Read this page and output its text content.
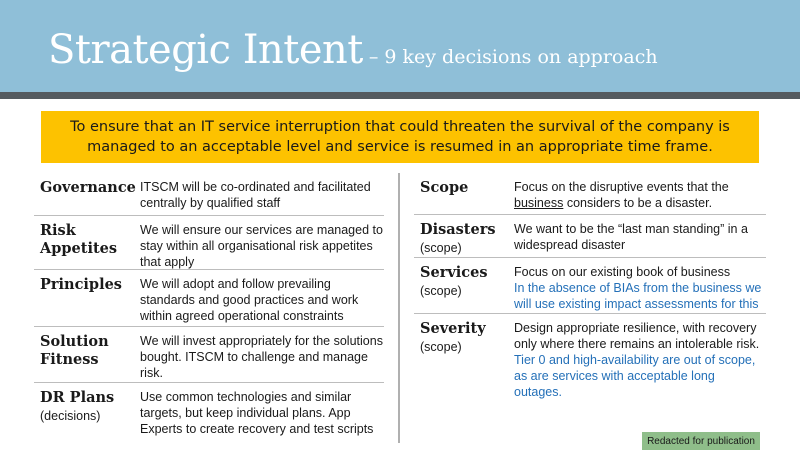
Strategic Intent – 9 key decisions on approach
To ensure that an IT service interruption that could threaten the survival of the company is managed to an acceptable level and service is resumed in an appropriate time frame.
Governance ITSCM will be co-ordinated and facilitated centrally by qualified staff
Risk Appetites
We will ensure our services are managed to stay within all organisational risk appetites that apply
Principles	We will adopt and follow prevailing standards and good practices and work within agreed operational constraints
Solution Fitness
We will invest appropriately for the solutions bought. ITSCM to challenge and manage risk.
DR Plans
(decisions)
Use common technologies and similar targets, but keep individual plans. App Experts to create recovery and test scripts
Scope	Focus on the disruptive events that the business considers to be a disaster.
Disasters
(scope)
We want to be the “last man standing” in a widespread disaster
Services
(scope)
Focus on our existing book of business
In the absence of BIAs from the business we will use existing impact assessments for this
Severity
(scope)
Design appropriate resilience, with recovery only where there remains an intolerable risk.
Tier 0 and high-availability are out of scope, as are services with acceptable long outages.
Redacted for publication
